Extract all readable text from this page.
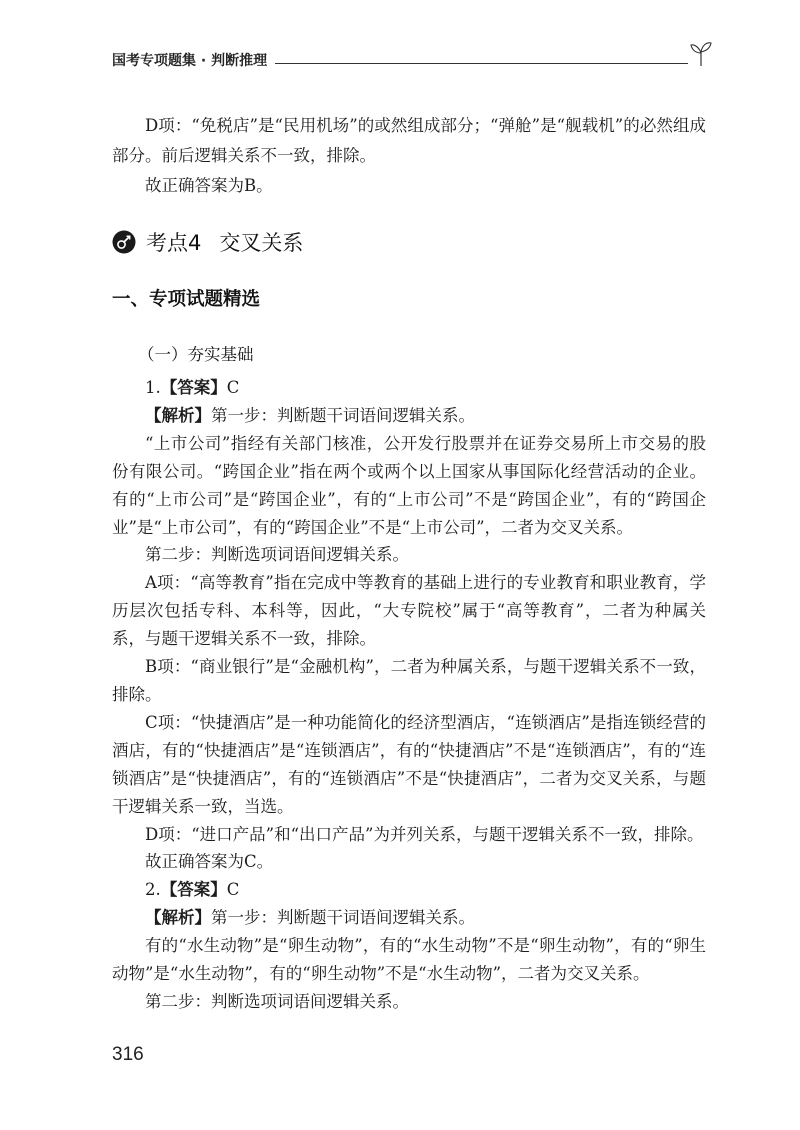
国考专项题集 · 判断推理

D项：“免税店”是“民用机场”的或然组成部分；“弹舱”是“舰载机”的必然组成部分。前后逻辑关系不一致，排除。

故正确答案为B。

考点4 交叉关系
一、专项试题精选
（一）夯实基础

1.【答案】C

【解析】第一步：判断题干词语间逻辑关系。

“上市公司”指经有关部门核准，公开发行股票并在证券交易所上市交易的股份有限公司。“跨国企业”指在两个或两个以上国家从事国际化经营活动的企业。有的“上市公司”是“跨国企业”，有的“上市公司”不是“跨国企业”，有的“跨国企业”是“上市公司”，有的“跨国企业”不是“上市公司”，二者为交叉关系。

第二步：判断选项词语间逻辑关系。

A项：“高等教育”指在完成中等教育的基础上进行的专业教育和职业教育，学历层次包括专科、本科等，因此，“大专院校”属于“高等教育”，二者为种属关系，与题干逻辑关系不一致，排除。

B项：“商业银行”是“金融机构”，二者为种属关系，与题干逻辑关系不一致，排除。

C项：“快捷酒店”是一种功能简化的经济型酒店，“连锁酒店”是指连锁经营的酒店，有的“快捷酒店”是“连锁酒店”，有的“快捷酒店”不是“连锁酒店”，有的“连锁酒店”是“快捷酒店”，有的“连锁酒店”不是“快捷酒店”，二者为交叉关系，与题干逻辑关系一致，当选。

D项：“进口产品”和“出口产品”为并列关系，与题干逻辑关系不一致，排除。

故正确答案为C。

2.【答案】C

【解析】第一步：判断题干词语间逻辑关系。

有的“水生动物”是“卵生动物”，有的“水生动物”不是“卵生动物”，有的“卵生动物”是“水生动物”，有的“卵生动物”不是“水生动物”，二者为交叉关系。

第二步：判断选项词语间逻辑关系。

316
